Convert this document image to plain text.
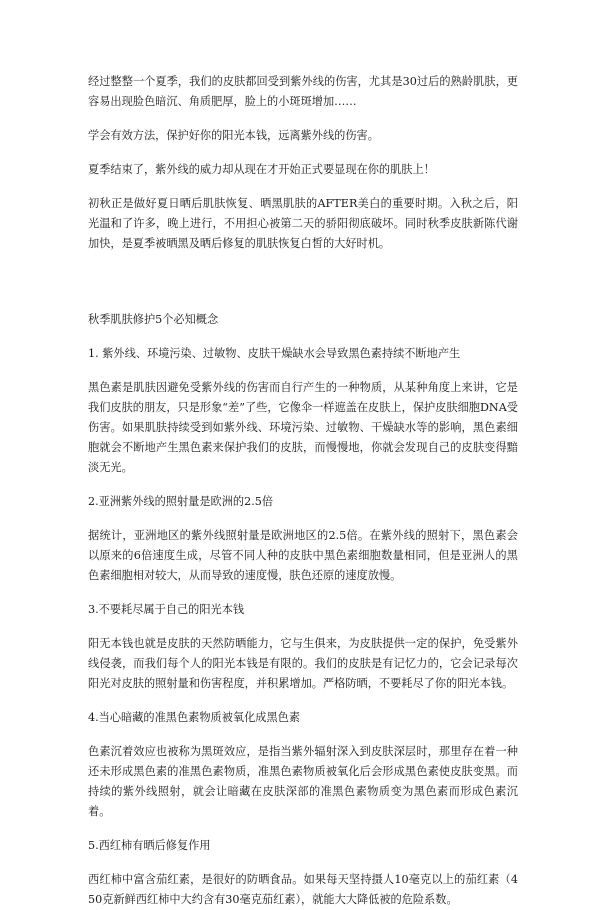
经过整整一个夏季，我们的皮肤都回受到紫外线的伤害，尤其是30过后的熟龄肌肤，更容易出现脸色暗沉、角质肥厚，脸上的小斑斑增加……

学会有效方法，保护好你的阳光本钱，远离紫外线的伤害。

夏季结束了，紫外线的威力却从现在才开始正式要显现在你的肌肤上！

初秋正是做好夏日晒后肌肤恢复、晒黑肌肤的AFTER美白的重要时期。入秋之后，阳光温和了许多，晚上进行，不用担心被第二天的骄阳彻底破坏。同时秋季皮肤新陈代谢加快，是夏季被晒黑及晒后修复的肌肤恢复白皙的大好时机。

秋季肌肤修护5个必知概念

1. 紫外线、环境污染、过敏物、皮肤干燥缺水会导致黑色素持续不断地产生

黑色素是肌肤因避免受紫外线的伤害而自行产生的一种物质，从某种角度上来讲，它是我们皮肤的朋友，只是形象“差”了些，它像伞一样遮盖在皮肤上，保护皮肤细胞DNA受伤害。如果肌肤持续受到如紫外线、环境污染、过敏物、干燥缺水等的影响，黑色素细胞就会不断地产生黑色素来保护我们的皮肤，而慢慢地，你就会发现自己的皮肤变得黯淡无光。

2.亚洲紫外线的照射量是欧洲的2.5倍

据统计，亚洲地区的紫外线照射量是欧洲地区的2.5倍。在紫外线的照射下，黑色素会以原来的6倍速度生成，尽管不同人种的皮肤中黑色素细胞数量相同，但是亚洲人的黑色素细胞相对较大，从而导致的速度慢，肤色还原的速度放慢。

3.不要耗尽属于自己的阳光本钱

阳无本钱也就是皮肤的天然防晒能力，它与生俱来，为皮肤提供一定的保护，免受紫外线侵袭，而我们每个人的阳光本钱是有限的。我们的皮肤是有记忆力的，它会记录每次阳光对皮肤的照射量和伤害程度，并积累增加。严格防晒，不要耗尽了你的阳光本钱。

4.当心暗藏的准黑色素物质被氧化成黑色素

色素沉着效应也被称为黑斑效应，是指当紫外辐射深入到皮肤深层时，那里存在着一种还未形成黑色素的准黑色素物质，准黑色素物质被氧化后会形成黑色素使皮肤变黑。而持续的紫外线照射，就会让暗藏在皮肤深部的准黑色素物质变为黑色素而形成色素沉着。

5.西红柿有晒后修复作用

西红柿中富含茄红素，是很好的防晒食品。如果每天坚持摄人10毫克以上的茄红素（450克新鲜西红柿中大约含有30毫克茄红素），就能大大降低被的危险系数。
